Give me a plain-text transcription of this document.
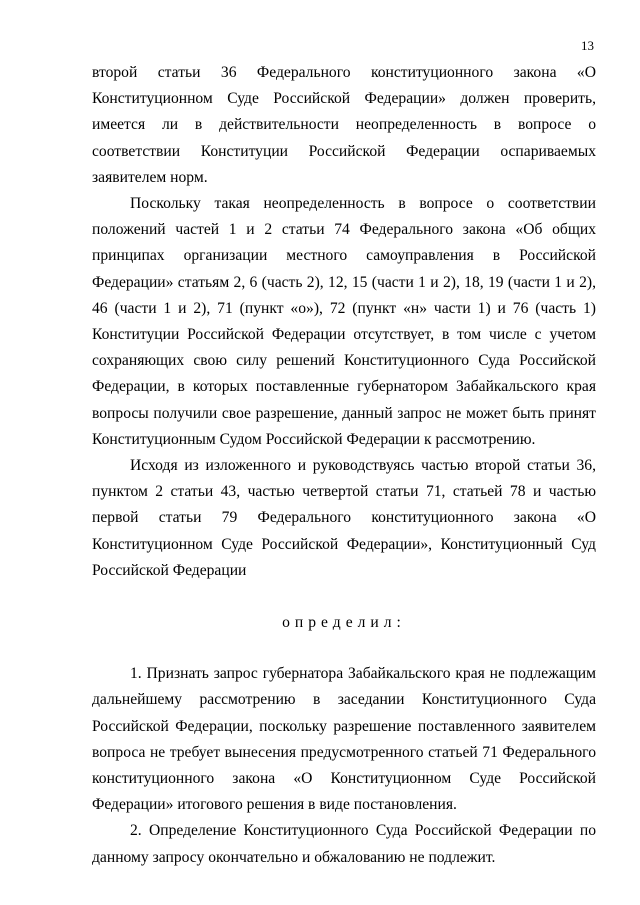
13

второй статьи 36 Федерального конституционного закона «О Конституционном Суде Российской Федерации» должен проверить, имеется ли в действительности неопределенность в вопросе о соответствии Конституции Российской Федерации оспариваемых заявителем норм.

Поскольку такая неопределенность в вопросе о соответствии положений частей 1 и 2 статьи 74 Федерального закона «Об общих принципах организации местного самоуправления в Российской Федерации» статьям 2, 6 (часть 2), 12, 15 (части 1 и 2), 18, 19 (части 1 и 2), 46 (части 1 и 2), 71 (пункт «о»), 72 (пункт «н» части 1) и 76 (часть 1) Конституции Российской Федерации отсутствует, в том числе с учетом сохраняющих свою силу решений Конституционного Суда Российской Федерации, в которых поставленные губернатором Забайкальского края вопросы получили свое разрешение, данный запрос не может быть принят Конституционным Судом Российской Федерации к рассмотрению.

Исходя из изложенного и руководствуясь частью второй статьи 36, пунктом 2 статьи 43, частью четвертой статьи 71, статьей 78 и частью первой статьи 79 Федерального конституционного закона «О Конституционном Суде Российской Федерации», Конституционный Суд Российской Федерации

определил:

1. Признать запрос губернатора Забайкальского края не подлежащим дальнейшему рассмотрению в заседании Конституционного Суда Российской Федерации, поскольку разрешение поставленного заявителем вопроса не требует вынесения предусмотренного статьей 71 Федерального конституционного закона «О Конституционном Суде Российской Федерации» итогового решения в виде постановления.

2. Определение Конституционного Суда Российской Федерации по данному запросу окончательно и обжалованию не подлежит.
